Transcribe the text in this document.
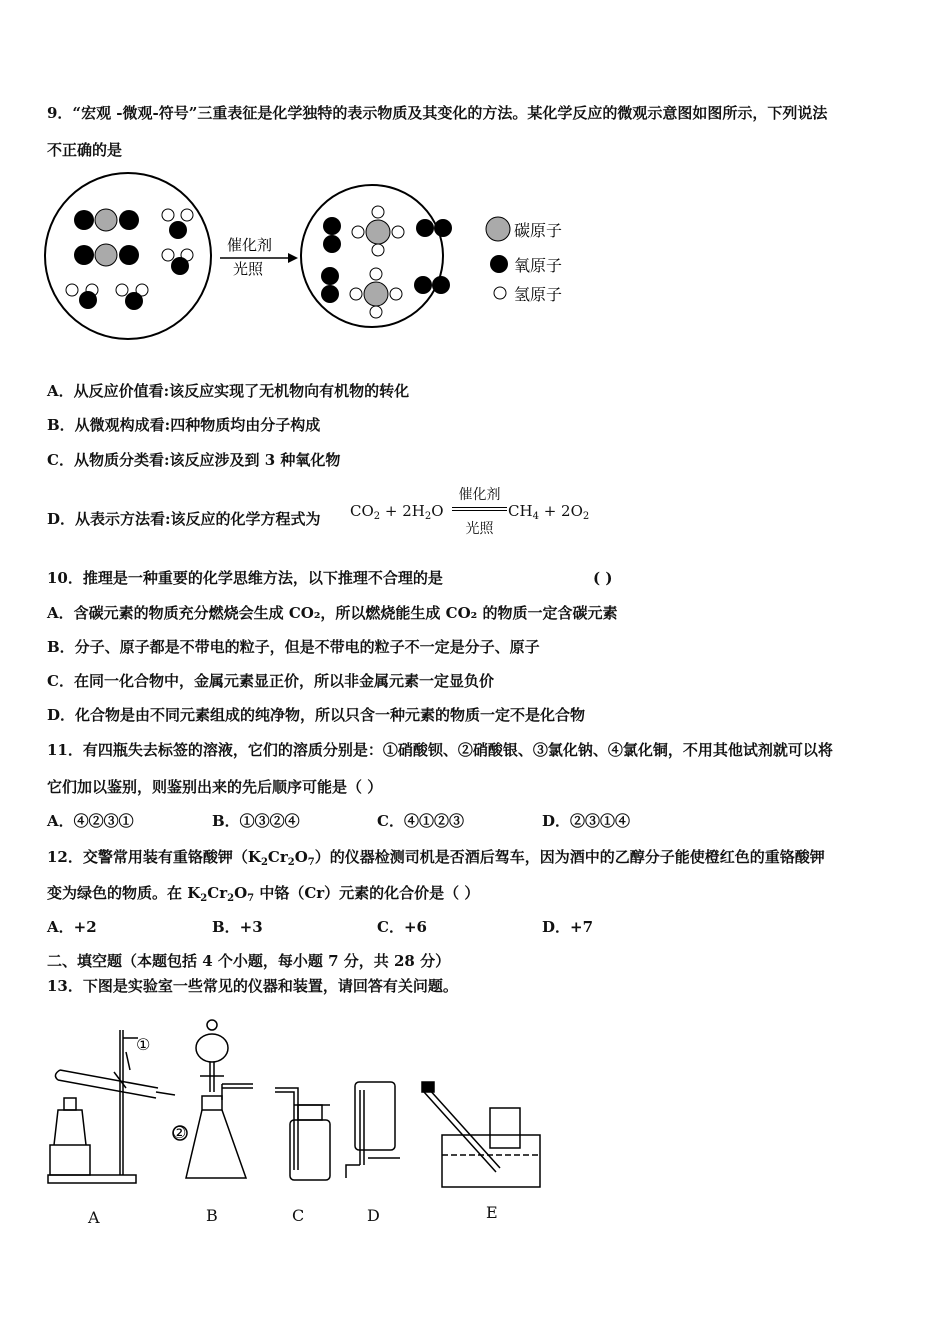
9．“宏观 -微观-符号”三重表征是化学独特的表示物质及其变化的方法。某化学反应的微观示意图如图所示，下列说法
不正确的是
催化剂
光照
碳原子
氧原子
氢原子
A．从反应价值看:该反应实现了无机物向有机物的转化
B．从微观构成看:四种物质均由分子构成
C．从物质分类看:该反应涉及到 3 种氧化物
D．从表示方法看:该反应的化学方程式为 $CO_2 + 2H_2O$
催化剂
光照
$CH_4 + 2O_2$
10．推理是一种重要的化学思维方法，以下推理不合理的是	( )
A．含碳元素的物质充分燃烧会生成 CO₂，所以燃烧能生成 CO₂ 的物质一定含碳元素
B．分子、原子都是不带电的粒子，但是不带电的粒子不一定是分子、原子
C．在同一化合物中，金属元素显正价，所以非金属元素一定显负价
D．化合物是由不同元素组成的纯净物，所以只含一种元素的物质一定不是化合物
11．有四瓶失去标签的溶液，它们的溶质分别是：①硝酸钡、②硝酸银、③氯化钠、④氯化铜，不用其他试剂就可以将
它们加以鉴别，则鉴别出来的先后顺序可能是（ ）
A．④②③①	B．①③②④	C．④①②③	D．②③①④
12．交警常用装有重铬酸钾$(K_2Cr_2O_7)$的仪器检测司机是否酒后驾车，因为酒中的乙醇分子能使橙红色的重铬酸钾
变为绿色的物质。在 $K_2Cr_2O_7$ 中铬（Cr）元素的化合价是（ ）
A．+2	B．+3	C．+6	D．+7
二、填空题（本题包括 4 个小题，每小题 7 分，共 28 分）
13．下图是实验室一些常见的仪器和装置，请回答有关问题。
①
②
A	B	C	D	E
